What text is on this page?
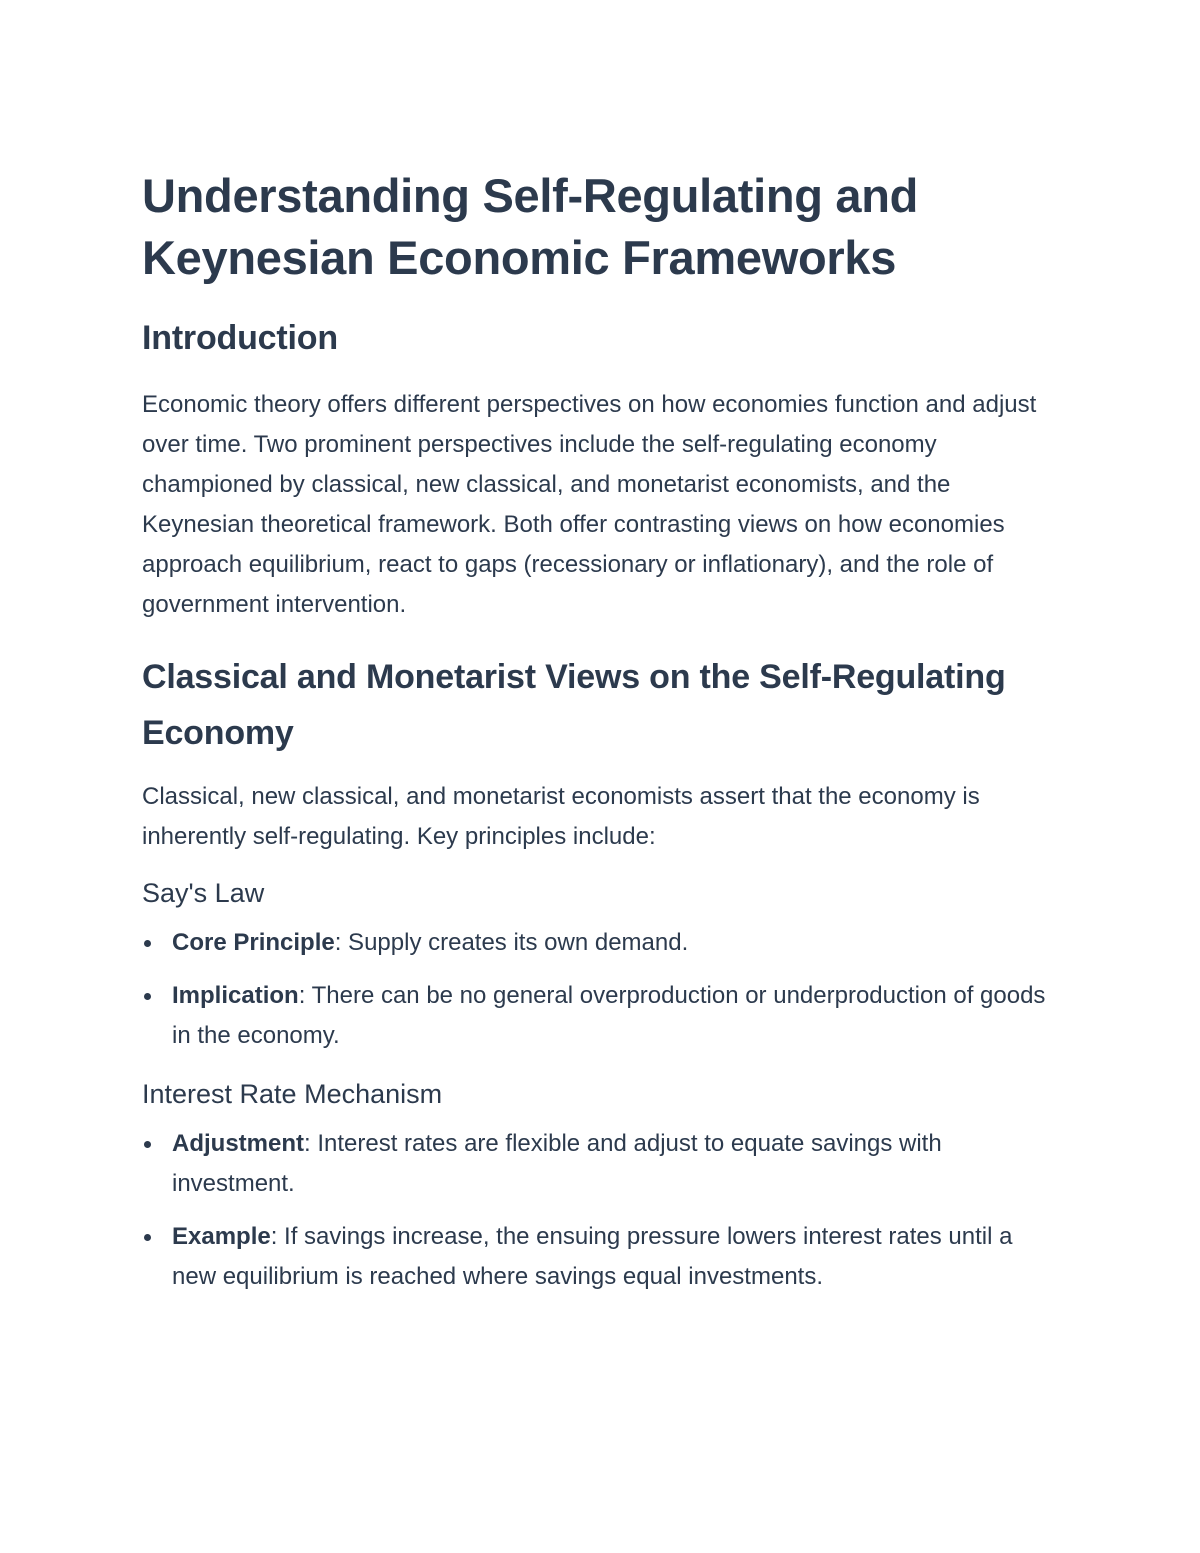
Understanding Self-Regulating and Keynesian Economic Frameworks
Introduction

Economic theory offers different perspectives on how economies function and adjust over time. Two prominent perspectives include the self-regulating economy championed by classical, new classical, and monetarist economists, and the Keynesian theoretical framework. Both offer contrasting views on how economies approach equilibrium, react to gaps (recessionary or inflationary), and the role of government intervention.

Classical and Monetarist Views on the Self-Regulating Economy

Classical, new classical, and monetarist economists assert that the economy is inherently self-regulating. Key principles include:

Say's Law
Core Principle: Supply creates its own demand.
Implication: There can be no general overproduction or underproduction of goods in the economy.
Interest Rate Mechanism
Adjustment: Interest rates are flexible and adjust to equate savings with investment.
Example: If savings increase, the ensuing pressure lowers interest rates until a new equilibrium is reached where savings equal investments.
